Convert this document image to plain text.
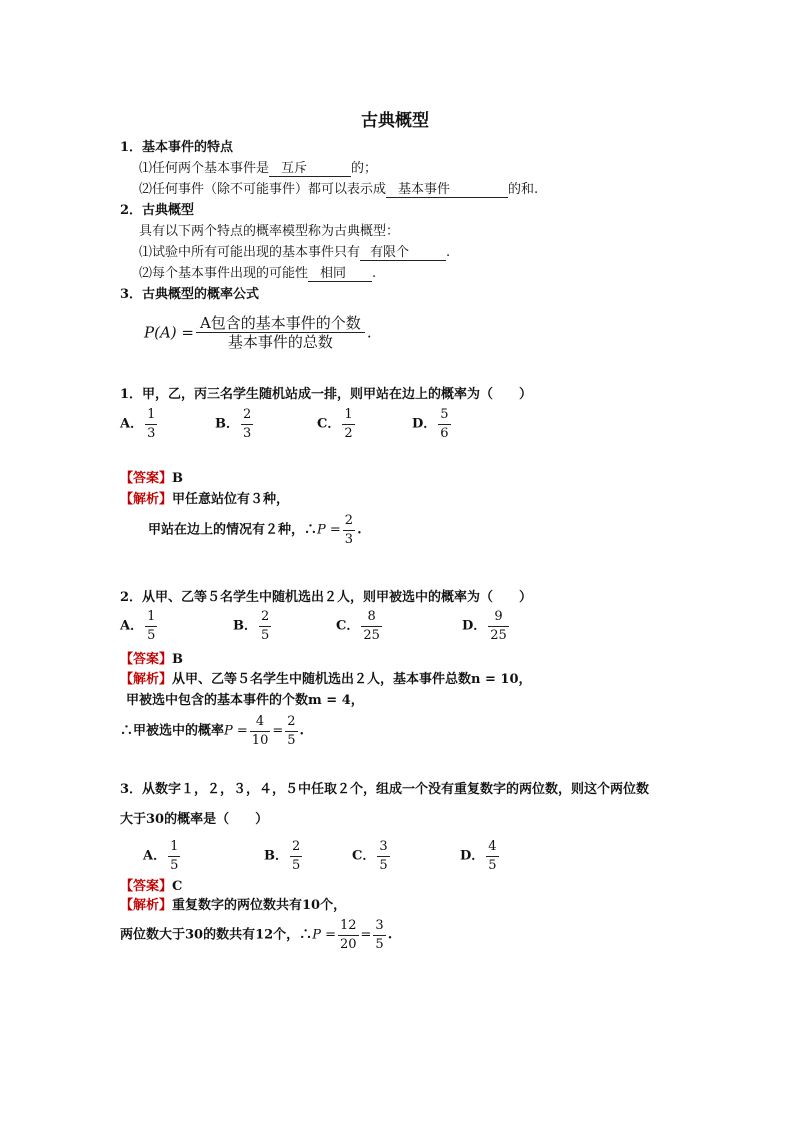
古典概型
1．基本事件的特点
⑴任何两个基本事件是 互斥	的；
⑵任何事件（除不可能事件）都可以表示成 基本事件	的和.
2．古典概型
具有以下两个特点的概率模型称为古典概型：
⑴试验中所有可能出现的基本事件只有 有限个	.
⑵每个基本事件出现的可能性 相同 .
3．古典概型的概率公式
$P(A) = \frac{\text{A包含的基本事件的个数}}{\text{基本事件的总数}}$ .
1．甲，乙，丙三名学生随机站成一排，则甲站在边上的概率为（　　）
A． $\frac{1}{3}$	B． $\frac{2}{3}$	C． $\frac{1}{2}$	D． $\frac{5}{6}$
【答案】B
【解析】甲任意站位有３种，
甲站在边上的情况有２种，∴P = $\frac{2}{3}$ .
2．从甲、乙等５名学生中随机选出２人，则甲被选中的概率为（　　）
A． $\frac{1}{5}$	B． $\frac{2}{5}$	C． $\frac{8}{25}$	D． $\frac{9}{25}$
【答案】B
【解析】从甲、乙等５名学生中随机选出２人，基本事件总数n = 10，
甲被选中包含的基本事件的个数m = 4，
∴甲被选中的概率$P = \frac{4}{10} = \frac{2}{5}$ .
3．从数字１，２，３，４，５中任取２个，组成一个没有重复数字的两位数，则这个两位数
大于30的概率是（　　）
A． $\frac{1}{5}$	B． $\frac{2}{5}$	C． $\frac{3}{5}$	D． $\frac{4}{5}$
【答案】C
【解析】重复数字的两位数共有10个，
两位数大于30的数共有12个，∴P = $\frac{12}{20} = \frac{3}{5}$ .
